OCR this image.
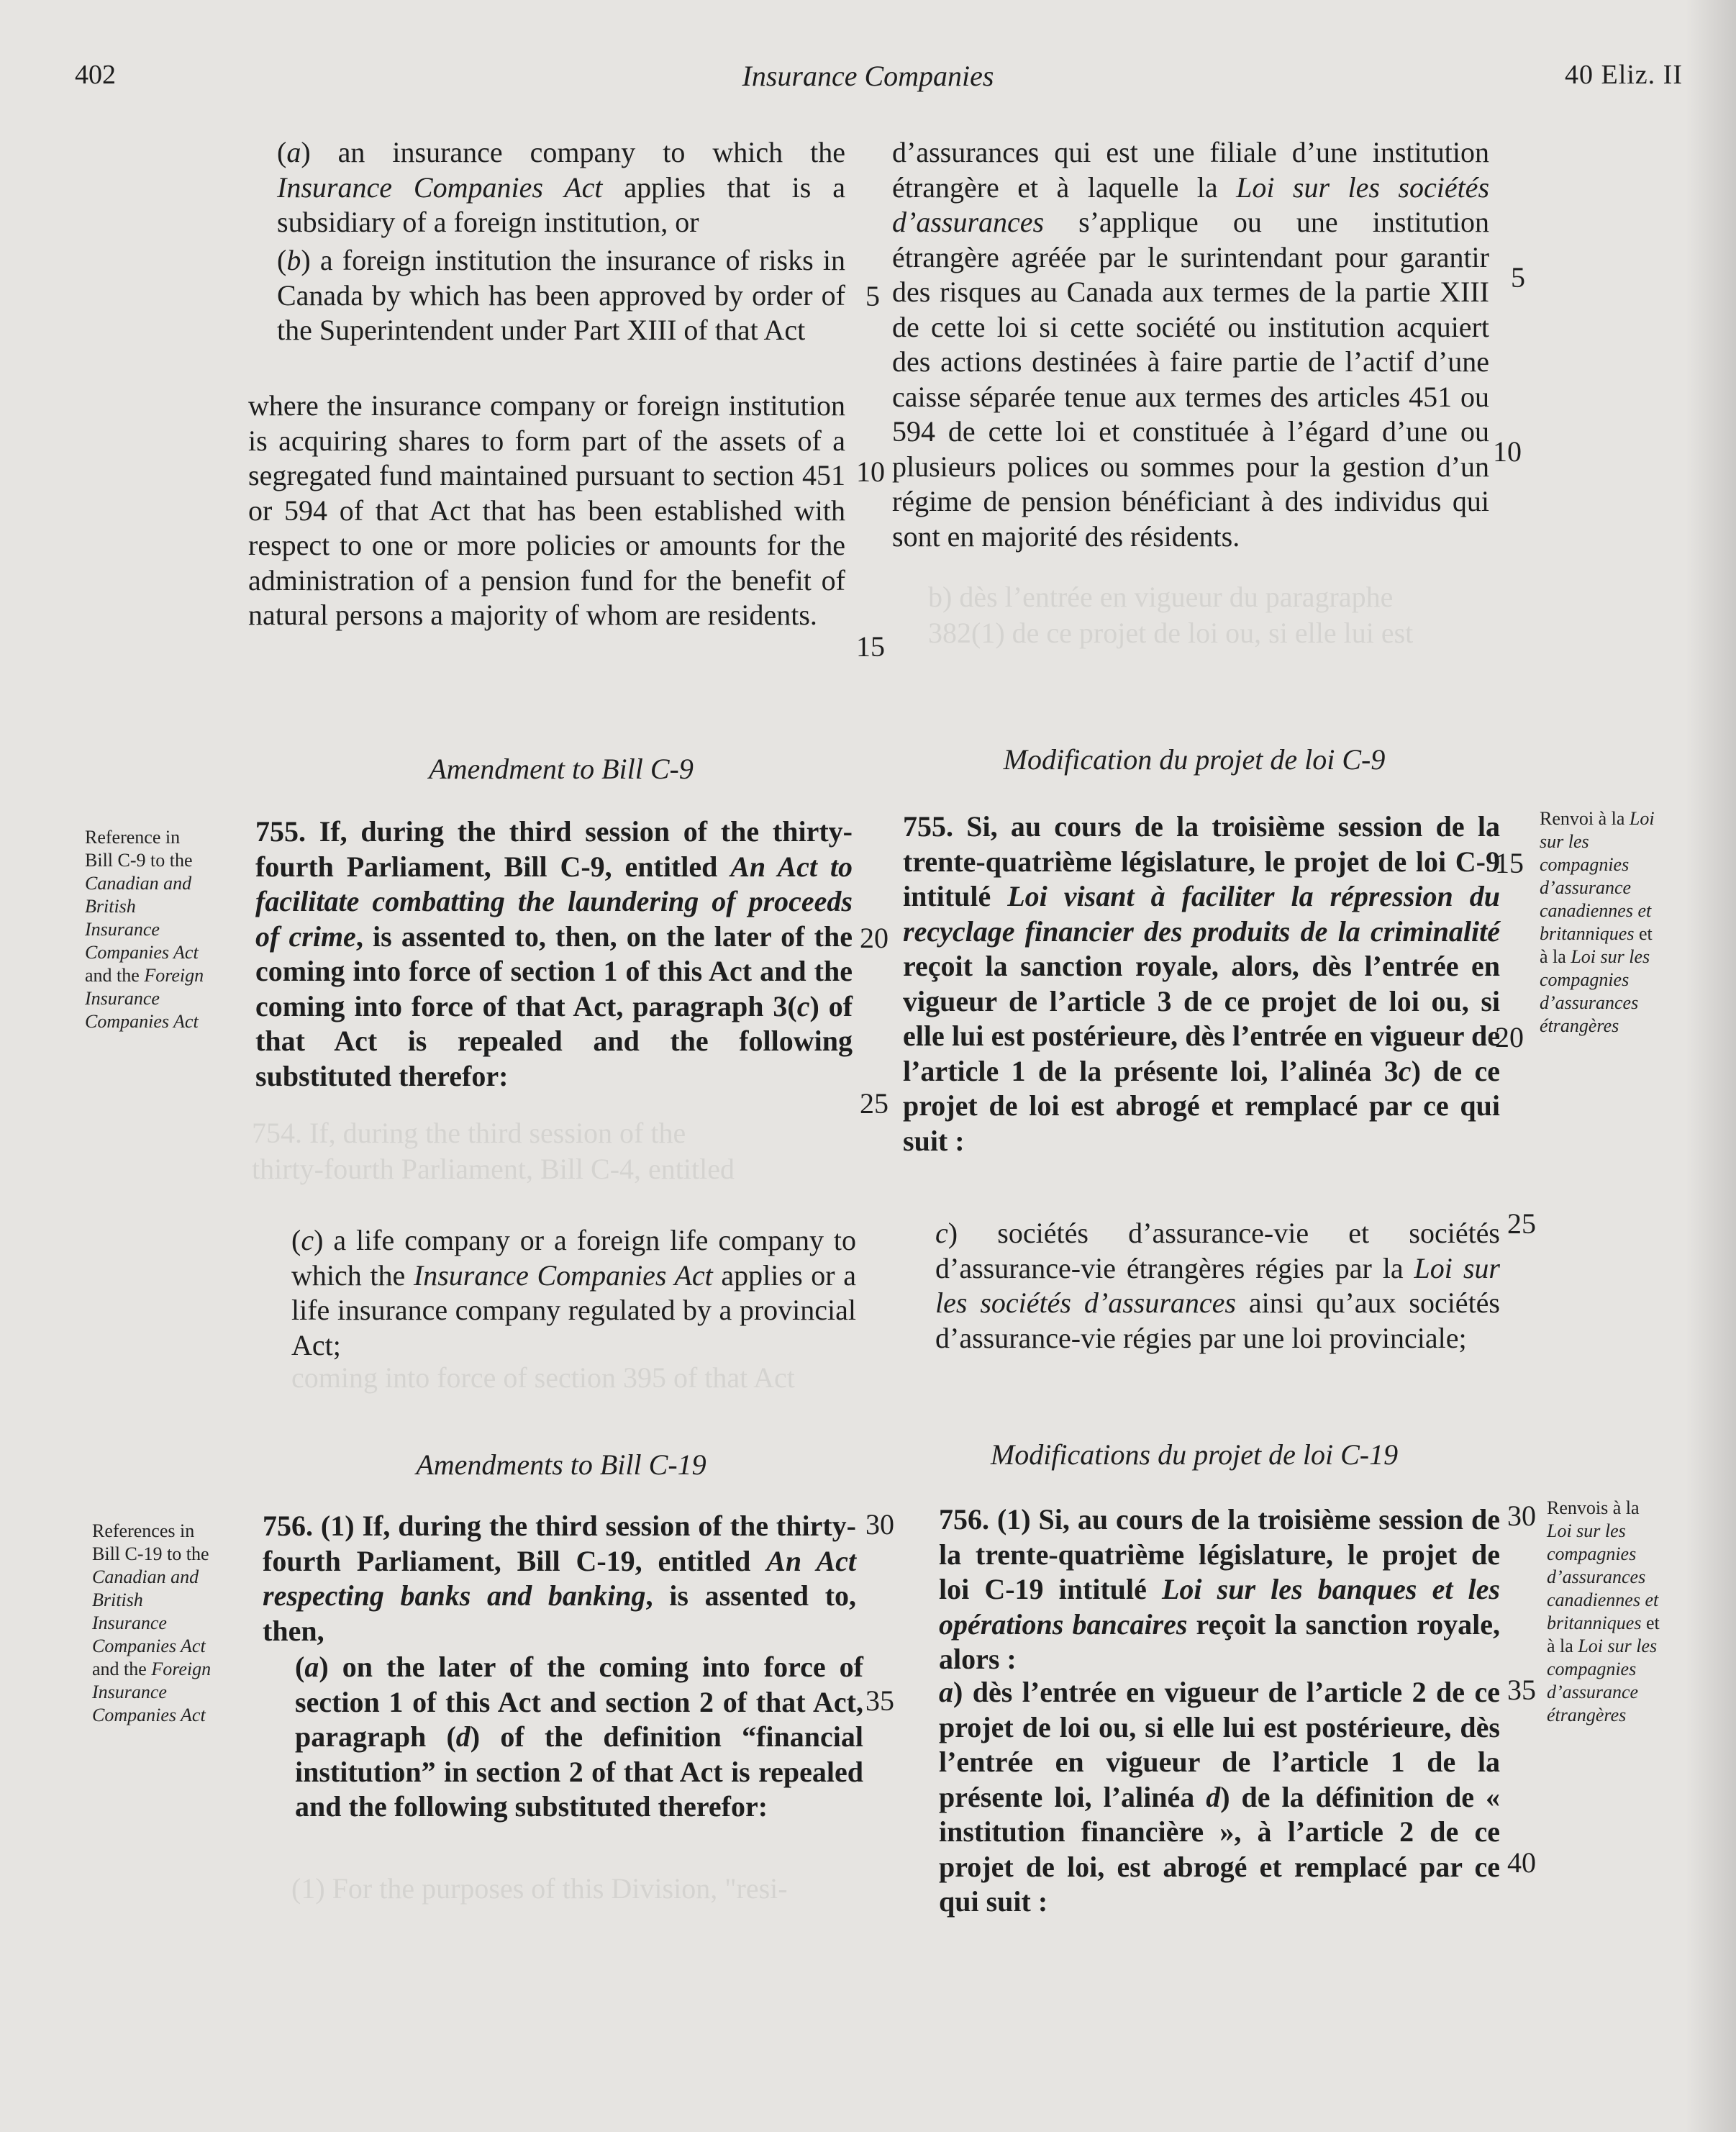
b) dès l’entrée en vigueur du paragraphe
382(1) de ce projet de loi ou, si elle lui est
754. If, during the third session of the
thirty-fourth Parliament, Bill C-4, entitled
coming into force of section 395 of that Act
(1) For the purposes of this Division, "resi-
402	Insurance Companies	40 Eliz. II

(a) an insurance company to which the Insurance Companies Act applies that is a subsidiary of a foreign institution, or

(b) a foreign institution the insurance of risks in Canada by which has been approved by order of the Superintendent under Part XIII of that Act

where the insurance company or foreign institution is acquiring shares to form part of the assets of a segregated fund maintained pursuant to section 451 or 594 of that Act that has been established with respect to one or more policies or amounts for the administration of a pension fund for the benefit of natural persons a majority of whom are residents.

d’assurances qui est une filiale d’une institution étrangère et à laquelle la Loi sur les sociétés d’assurances s’applique ou une institution étrangère agréée par le surintendant pour garantir des risques au Canada aux termes de la partie XIII de cette loi si cette société ou institution acquiert des actions destinées à faire partie de l’actif d’une caisse séparée tenue aux termes des articles 451 ou 594 de cette loi et constituée à l’égard d’une ou plusieurs polices ou sommes pour la gestion d’un régime de pension bénéficiant à des individus qui sont en majorité des résidents.

Amendment to Bill C-9	Modification du projet de loi C-9
Reference in
Bill C-9 to the
Canadian and
British
Insurance
Companies Act
and the Foreign
Insurance
Companies Act
Renvoi à la Loi
sur les
compagnies
d’assurance
canadiennes et
britanniques et
à la Loi sur les
compagnies
d’assurances
étrangères

755. If, during the third session of the thirty-fourth Parliament, Bill C-9, entitled An Act to facilitate combatting the laundering of proceeds of crime, is assented to, then, on the later of the coming into force of section 1 of this Act and the coming into force of that Act, paragraph 3(c) of that Act is repealed and the following substituted therefor:

755. Si, au cours de la troisième session de la trente-quatrième législature, le projet de loi C-9 intitulé Loi visant à faciliter la répression du recyclage financier des produits de la criminalité reçoit la sanction royale, alors, dès l’entrée en vigueur de l’article 3 de ce projet de loi ou, si elle lui est postérieure, dès l’entrée en vigueur de l’article 1 de la présente loi, l’alinéa 3c) de ce projet de loi est abrogé et remplacé par ce qui suit :

(c) a life company or a foreign life company to which the Insurance Companies Act applies or a life insurance company regulated by a provincial Act;

c) sociétés d’assurance-vie et sociétés d’assurance-vie étrangères régies par la Loi sur les sociétés d’assurances ainsi qu’aux sociétés d’assurance-vie régies par une loi provinciale;

Amendments to Bill C-19	Modifications du projet de loi C-19
References in
Bill C-19 to the
Canadian and
British
Insurance
Companies Act
and the Foreign
Insurance
Companies Act
Renvois à la
Loi sur les
compagnies
d’assurances
canadiennes et
britanniques et
à la Loi sur les
compagnies
d’assurance
étrangères

756. (1) If, during the third session of the thirty-fourth Parliament, Bill C-19, entitled An Act respecting banks and banking, is assented to, then,

(a) on the later of the coming into force of section 1 of this Act and section 2 of that Act, paragraph (d) of the definition “financial institution” in section 2 of that Act is repealed and the following substituted therefor:

756. (1) Si, au cours de la troisième session de la trente-quatrième législature, le projet de loi C-19 intitulé Loi sur les banques et les opérations bancaires reçoit la sanction royale, alors :

a) dès l’entrée en vigueur de l’article 2 de ce projet de loi ou, si elle lui est postérieure, dès l’entrée en vigueur de l’article 1 de la présente loi, l’alinéa d) de la définition de « institution financière », à l’article 2 de ce projet de loi, est abrogé et remplacé par ce qui suit :

5
10
15
20
25
30
35
5
10
15
20
25
30
35
40
